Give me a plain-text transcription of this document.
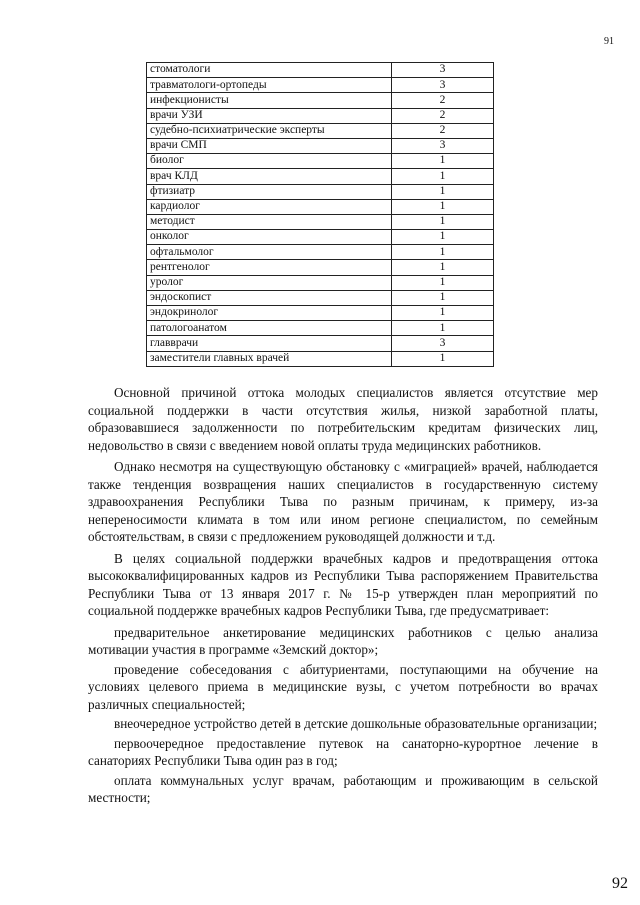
91
стоматологи	3
травматологи-ортопеды	3
инфекционисты	2
врачи УЗИ	2
судебно-психиатрические эксперты	2
врачи СМП	3
биолог	1
врач КЛД	1
фтизиатр	1
кардиолог	1
методист	1
онколог	1
офтальмолог	1
рентгенолог	1
уролог	1
эндоскопист	1
эндокринолог	1
патологоанатом	1
главврачи	3
заместители главных врачей	1

Основной причиной оттока молодых специалистов является отсутствие мер социальной поддержки в части отсутствия жилья, низкой заработной платы, образовавшиеся задолженности по потребительским кредитам физических лиц, недовольство в связи с введением новой оплаты труда медицинских работников.

Однако несмотря на существующую обстановку с «миграцией» врачей, наблюдается также тенденция возвращения наших специалистов в государственную систему здравоохранения Республики Тыва по разным причинам, к примеру, из-за непереносимости климата в том или ином регионе специалистом, по семейным обстоятельствам, в связи с предложением руководящей должности и т.д.

В целях социальной поддержки врачебных кадров и предотвращения оттока высококвалифицированных кадров из Республики Тыва распоряжением Правительства Республики Тыва от 13 января 2017 г. № 15-р утвержден план мероприятий по социальной поддержке врачебных кадров Республики Тыва, где предусматривает:

предварительное анкетирование медицинских работников с целью анализа мотивации участия в программе «Земский доктор»;

проведение собеседования с абитуриентами, поступающими на обучение на условиях целевого приема в медицинские вузы, с учетом потребности во врачах различных специальностей;

внеочередное устройство детей в детские дошкольные образовательные организации;

первоочередное предоставление путевок на санаторно-курортное лечение в санаториях Республики Тыва один раз в год;

оплата коммунальных услуг врачам, работающим и проживающим в сельской местности;

92
